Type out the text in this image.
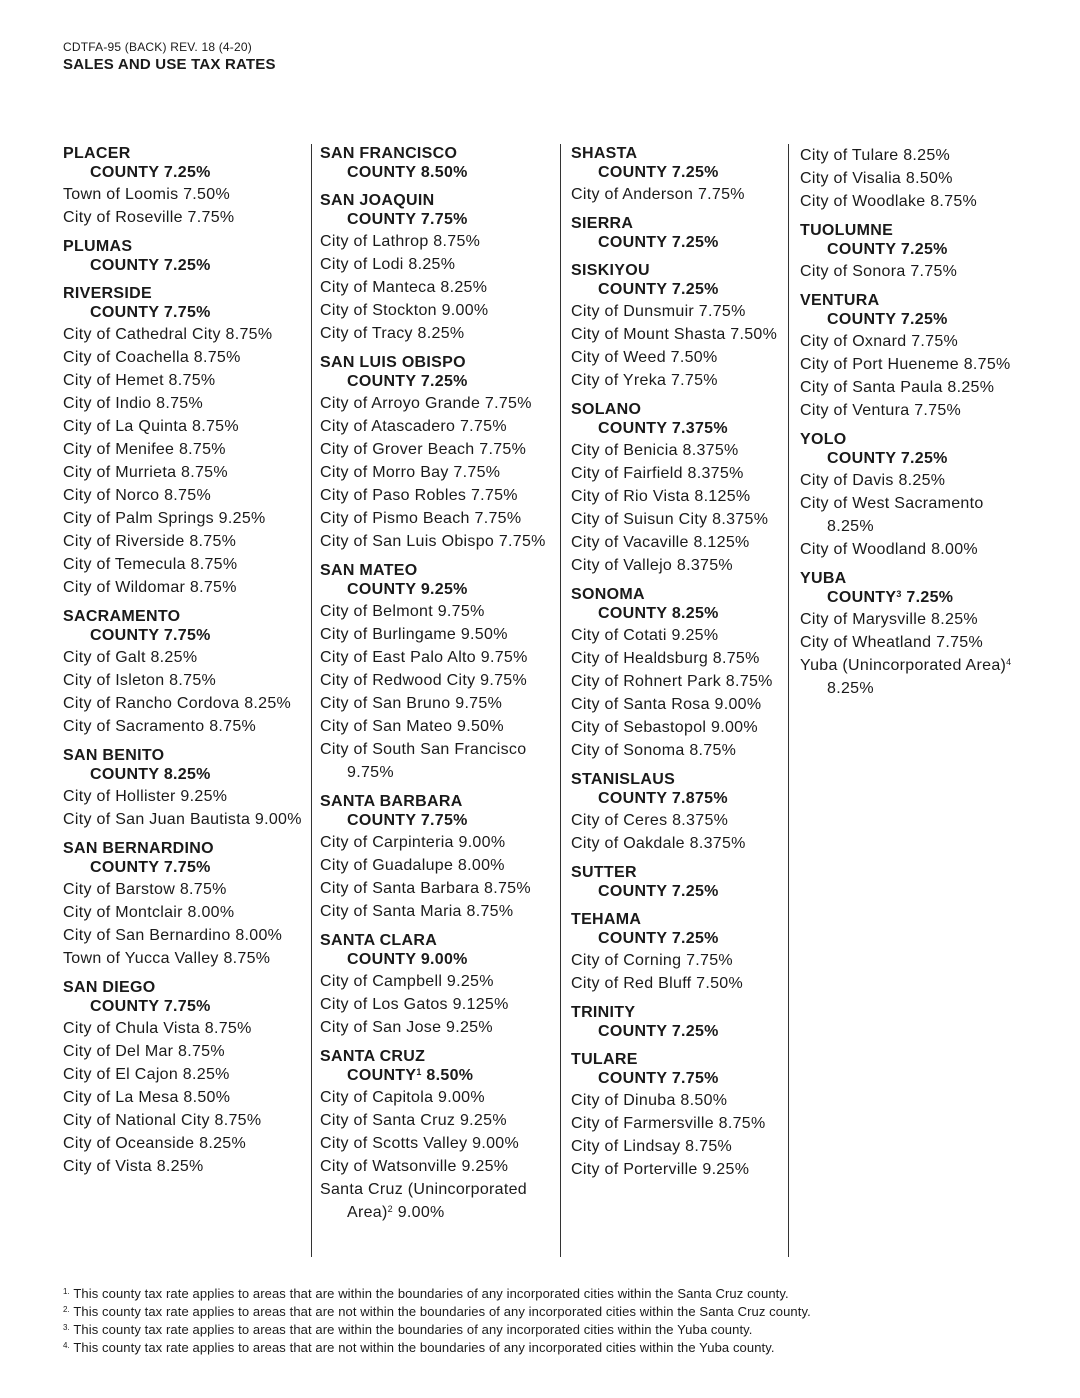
CDTFA-95 (BACK) REV. 18 (4-20)
SALES AND USE TAX RATES
PLACER
COUNTY 7.25%
Town of Loomis 7.50%
City of Roseville 7.75%
PLUMAS
COUNTY 7.25%
RIVERSIDE
COUNTY 7.75%
City of Cathedral City 8.75%
City of Coachella 8.75%
City of Hemet 8.75%
City of Indio 8.75%
City of La Quinta 8.75%
City of Menifee 8.75%
City of Murrieta 8.75%
City of Norco 8.75%
City of Palm Springs 9.25%
City of Riverside 8.75%
City of Temecula 8.75%
City of Wildomar 8.75%
SACRAMENTO
COUNTY 7.75%
City of Galt 8.25%
City of Isleton 8.75%
City of Rancho Cordova 8.25%
City of Sacramento 8.75%
SAN BENITO
COUNTY 8.25%
City of Hollister 9.25%
City of San Juan Bautista 9.00%
SAN BERNARDINO
COUNTY 7.75%
City of Barstow 8.75%
City of Montclair 8.00%
City of San Bernardino 8.00%
Town of Yucca Valley 8.75%
SAN DIEGO
COUNTY 7.75%
City of Chula Vista 8.75%
City of Del Mar 8.75%
City of El Cajon 8.25%
City of La Mesa 8.50%
City of National City 8.75%
City of Oceanside 8.25%
City of Vista 8.25%
SAN FRANCISCO
COUNTY 8.50%
SAN JOAQUIN
COUNTY 7.75%
City of Lathrop 8.75%
City of Lodi 8.25%
City of Manteca 8.25%
City of Stockton 9.00%
City of Tracy 8.25%
SAN LUIS OBISPO
COUNTY 7.25%
City of Arroyo Grande 7.75%
City of Atascadero 7.75%
City of Grover Beach 7.75%
City of Morro Bay 7.75%
City of Paso Robles 7.75%
City of Pismo Beach 7.75%
City of San Luis Obispo 7.75%
SAN MATEO
COUNTY 9.25%
City of Belmont 9.75%
City of Burlingame 9.50%
City of East Palo Alto 9.75%
City of Redwood City 9.75%
City of San Bruno 9.75%
City of San Mateo 9.50%
City of South San Francisco
9.75%
SANTA BARBARA
COUNTY 7.75%
City of Carpinteria 9.00%
City of Guadalupe 8.00%
City of Santa Barbara 8.75%
City of Santa Maria 8.75%
SANTA CLARA
COUNTY 9.00%
City of Campbell 9.25%
City of Los Gatos 9.125%
City of San Jose 9.25%
SANTA CRUZ
COUNTY$^1$ 8.50%
City of Capitola 9.00%
City of Santa Cruz 9.25%
City of Scotts Valley 9.00%
City of Watsonville 9.25%
Santa Cruz (Unincorporated
Area)$^2$ 9.00%
SHASTA
COUNTY 7.25%
City of Anderson 7.75%
SIERRA
COUNTY 7.25%
SISKIYOU
COUNTY 7.25%
City of Dunsmuir 7.75%
City of Mount Shasta 7.50%
City of Weed 7.50%
City of Yreka 7.75%
SOLANO
COUNTY 7.375%
City of Benicia 8.375%
City of Fairfield 8.375%
City of Rio Vista 8.125%
City of Suisun City 8.375%
City of Vacaville 8.125%
City of Vallejo 8.375%
SONOMA
COUNTY 8.25%
City of Cotati 9.25%
City of Healdsburg 8.75%
City of Rohnert Park 8.75%
City of Santa Rosa 9.00%
City of Sebastopol 9.00%
City of Sonoma 8.75%
STANISLAUS
COUNTY 7.875%
City of Ceres 8.375%
City of Oakdale 8.375%
SUTTER
COUNTY 7.25%
TEHAMA
COUNTY 7.25%
City of Corning 7.75%
City of Red Bluff 7.50%
TRINITY
COUNTY 7.25%
TULARE
COUNTY 7.75%
City of Dinuba 8.50%
City of Farmersville 8.75%
City of Lindsay 8.75%
City of Porterville 9.25%
City of Tulare 8.25%
City of Visalia 8.50%
City of Woodlake 8.75%
TUOLUMNE
COUNTY 7.25%
City of Sonora 7.75%
VENTURA
COUNTY 7.25%
City of Oxnard 7.75%
City of Port Hueneme 8.75%
City of Santa Paula 8.25%
City of Ventura 7.75%
YOLO
COUNTY 7.25%
City of Davis 8.25%
City of West Sacramento
8.25%
City of Woodland 8.00%
YUBA
COUNTY$^3$ 7.25%
City of Marysville 8.25%
City of Wheatland 7.75%
Yuba (Unincorporated Area)$^4$
8.25%
$^{1.}$ This county tax rate applies to areas that are within the boundaries of any incorporated cities within the Santa Cruz county.
$^{2.}$ This county tax rate applies to areas that are not within the boundaries of any incorporated cities within the Santa Cruz county.
$^{3.}$ This county tax rate applies to areas that are within the boundaries of any incorporated cities within the Yuba county.
$^{4.}$ This county tax rate applies to areas that are not within the boundaries of any incorporated cities within the Yuba county.
